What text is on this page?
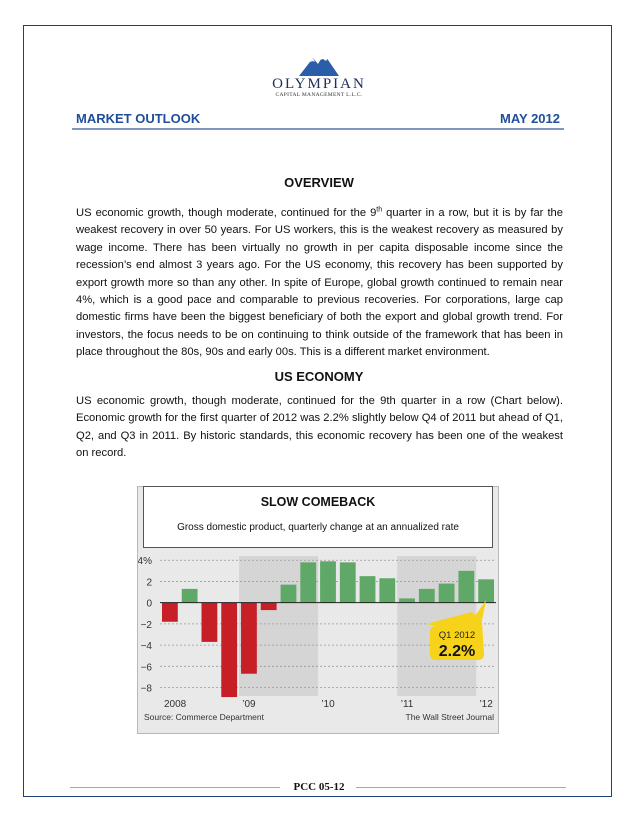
OLYMPIAN
CAPITAL MANAGEMENT L.L.C.
MARKET OUTLOOK	MAY 2012
OVERVIEW
US economic growth, though moderate, continued for the 9th quarter in a row, but it is by far the weakest recovery in over 50 years. For US workers, this is the weakest recovery as measured by wage income. There has been virtually no growth in per capita disposable income since the recession’s end almost 3 years ago. For the US economy, this recovery has been supported by export growth more so than any other. In spite of Europe, global growth continued to remain near 4%, which is a good pace and comparable to previous recoveries. For corporations, large cap domestic firms have been the biggest beneficiary of both the export and global growth trend. For investors, the focus needs to be on continuing to think outside of the framework that has been in place throughout the 80s, 90s and early 00s. This is a different market environment.
US ECONOMY
US economic growth, though moderate, continued for the 9th quarter in a row (Chart below). Economic growth for the first quarter of 2012 was 2.2% slightly below Q4 of 2011 but ahead of Q1, Q2, and Q3 in 2011. By historic standards, this economic recovery has been one of the weakest on record.
SLOW COMEBACK
Gross domestic product, quarterly change at an annualized rate
4%
2
0
−2
−4
−6
−8
2008	’09	’10	’11	’12
Q1 2012
2.2%
Source: Commerce Department	The Wall Street Journal
PCC 05-12
